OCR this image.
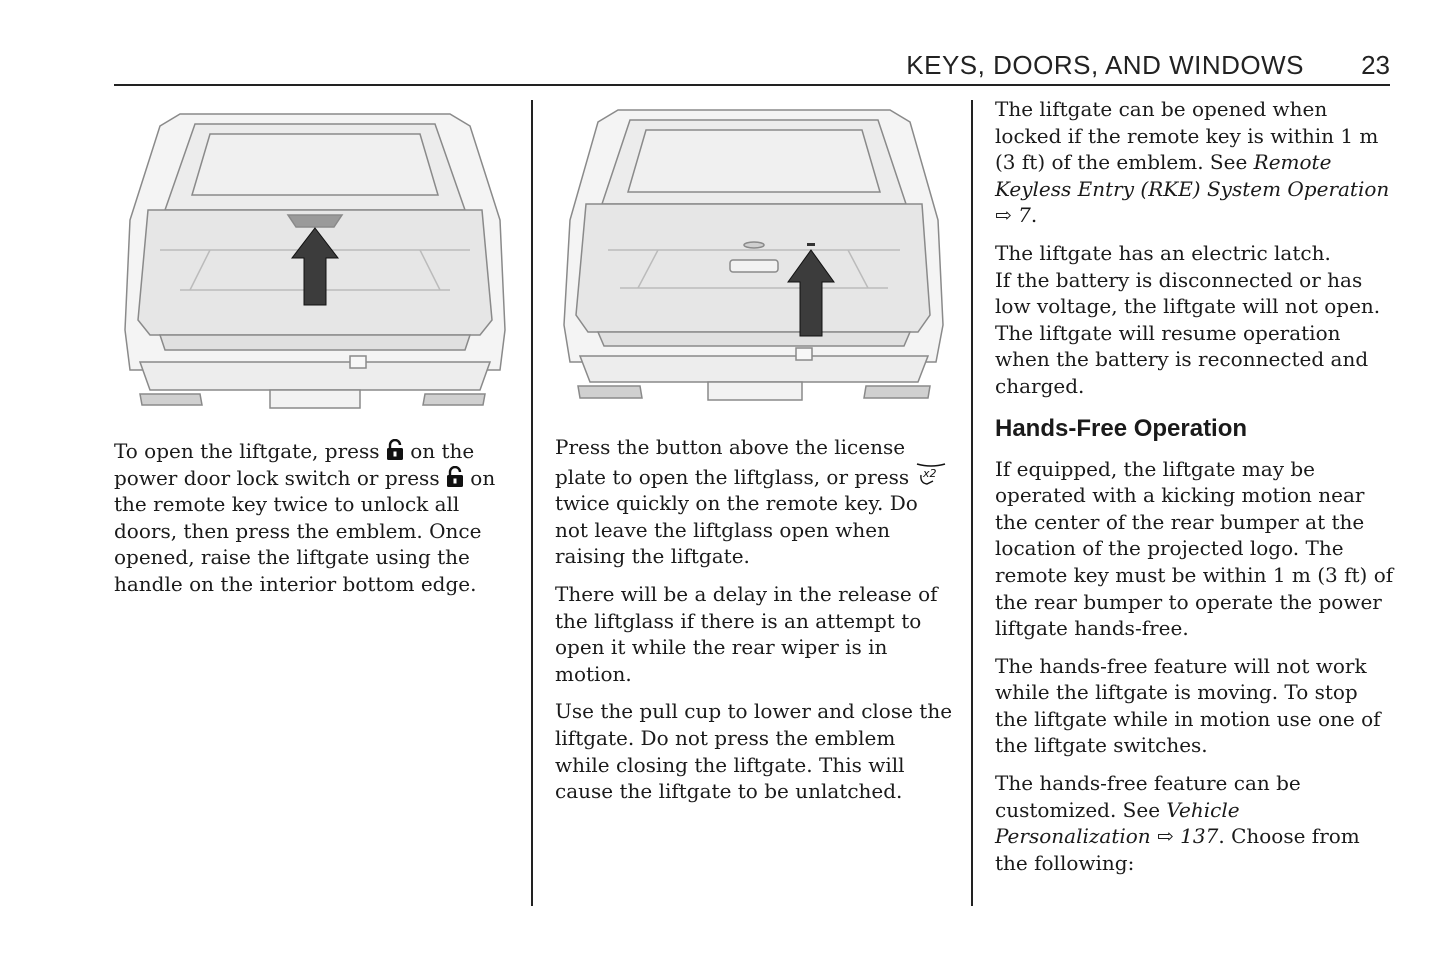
KEYS, DOORS, AND WINDOWS 23

To open the liftgate, press  on the power door lock switch or press  on the remote key twice to unlock all doors, then press the emblem. Once opened, raise the liftgate using the handle on the interior bottom edge.

Press the button above the license plate to open the liftglass, or press x2
twice quickly on the remote key. Do not leave the liftglass open when raising the liftgate.

There will be a delay in the release of the liftglass if there is an attempt to open it while the rear wiper is in motion.

Use the pull cup to lower and close the liftgate. Do not press the emblem while closing the liftgate. This will cause the liftgate to be unlatched.

The liftgate can be opened when locked if the remote key is within 1 m (3 ft) of the emblem. See Remote Keyless Entry (RKE) System Operation ⇨ 7.

The liftgate has an electric latch.
If the battery is disconnected or has low voltage, the liftgate will not open. The liftgate will resume operation when the battery is reconnected and charged.

Hands-Free Operation

If equipped, the liftgate may be operated with a kicking motion near the center of the rear bumper at the location of the projected logo. The remote key must be within 1 m (3 ft) of the rear bumper to operate the power liftgate hands-free.

The hands-free feature will not work while the liftgate is moving. To stop the liftgate while in motion use one of the liftgate switches.

The hands-free feature can be customized. See Vehicle Personalization ⇨ 137. Choose from the following:
